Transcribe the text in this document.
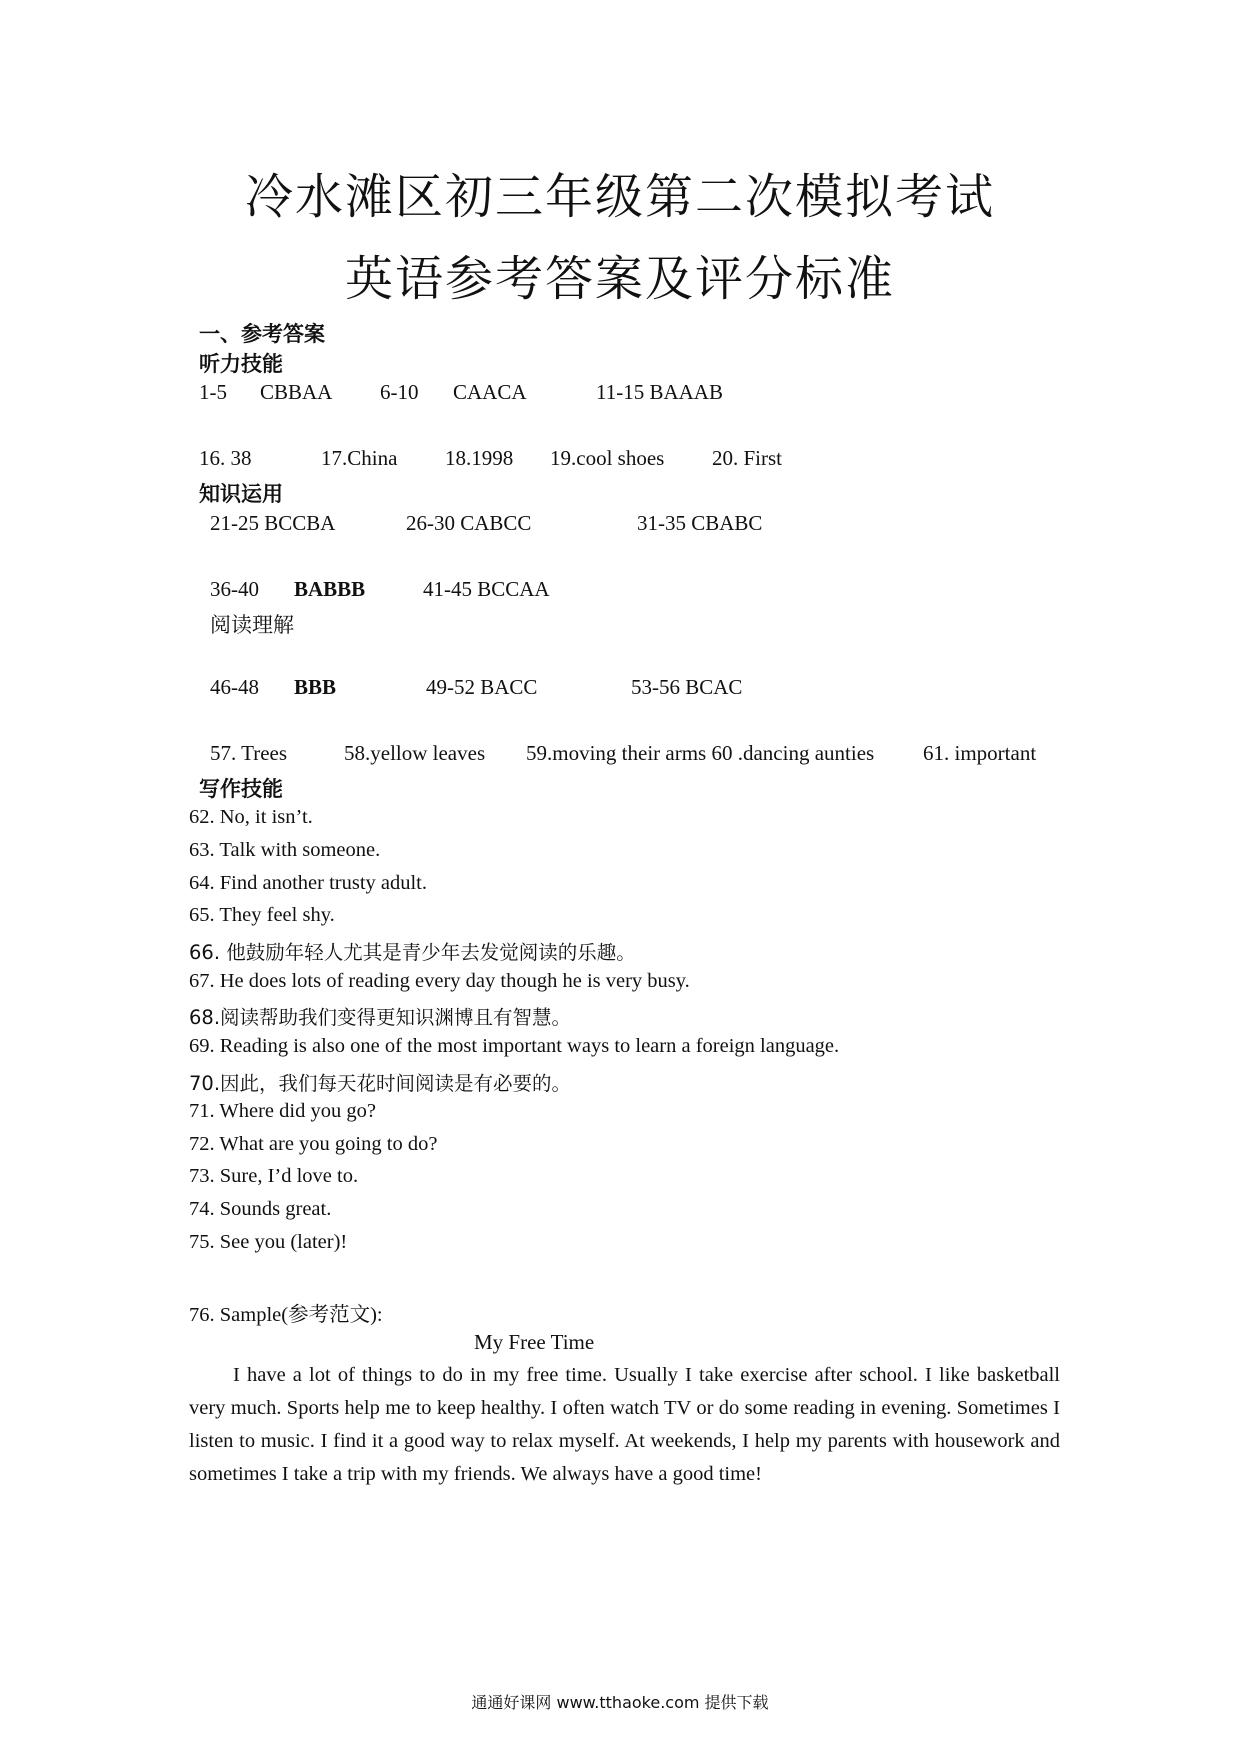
冷水滩区初三年级第二次模拟考试
英语参考答案及评分标准
一、参考答案
听力技能
1-5 CBBAA 6-10 CAACA	11-15 BAAAB
16. 38	17.China 18.1998 19.cool shoes 20. First
知识运用
21-25 BCCBA	26-30 CABCC	31-35 CBABC
36-40 BABBB	41-45 BCCAA
阅读理解
46-48 BBB	49-52 BACC	53-56 BCAC
57. Trees	58.yellow leaves 59.moving their arms 60 .dancing aunties 61. important
写作技能
62. No, it isn’t.
63. Talk with someone.
64. Find another trusty adult.
65. They feel shy.
66. 他鼓励年轻人尤其是青少年去发觉阅读的乐趣。
67. He does lots of reading every day though he is very busy.
68.阅读帮助我们变得更知识渊博且有智慧。
69. Reading is also one of the most important ways to learn a foreign language.
70.因此，我们每天花时间阅读是有必要的。
71. Where did you go?
72. What are you going to do?
73. Sure, I’d love to.
74. Sounds great.
75. See you (later)!
76. Sample(参考范文):
My Free Time

I have a lot of things to do in my free time. Usually I take exercise after school. I like basketball very much. Sports help me to keep healthy. I often watch TV or do some reading in evening. Sometimes I listen to music. I find it a good way to relax myself. At weekends, I help my parents with housework and sometimes I take a trip with my friends. We always have a good time!

通通好课网 www.tthaoke.com 提供下载
